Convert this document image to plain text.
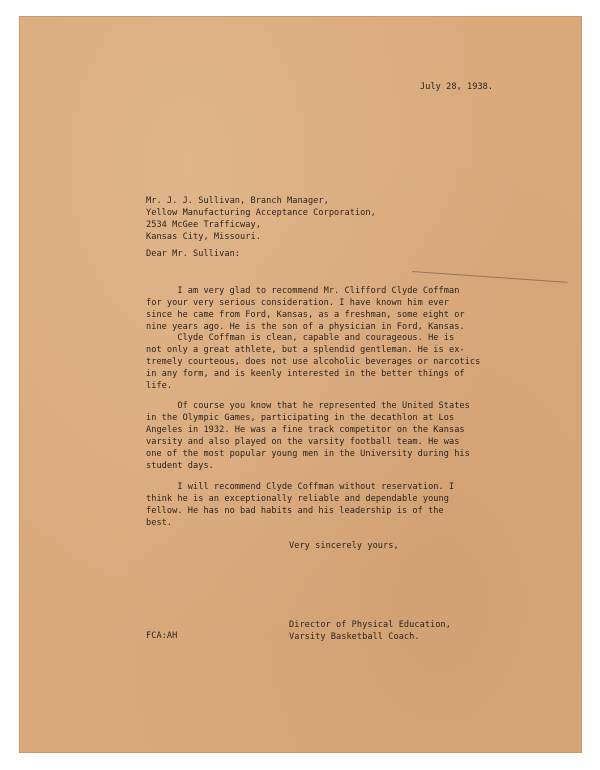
July 28, 1938.
Mr. J. J. Sullivan, Branch Manager,
Yellow Manufacturing Acceptance Corporation,
2534 McGee Trafficway,
Kansas City, Missouri.
Dear Mr. Sullivan:
I am very glad to recommend Mr. Clifford Clyde Coffman
for your very serious consideration. I have known him ever
since he came from Ford, Kansas, as a freshman, some eight or
nine years ago. He is the son of a physician in Ford, Kansas.
Clyde Coffman is clean, capable and courageous. He is
not only a great athlete, but a splendid gentleman. He is ex-
tremely courteous, does not use alcoholic beverages or narcotics
in any form, and is keenly interested in the better things of
life.
Of course you know that he represented the United States
in the Olympic Games, participating in the decathlon at Los
Angeles in 1932. He was a fine track competitor on the Kansas
varsity and also played on the varsity football team. He was
one of the most popular young men in the University during his
student days.
I will recommend Clyde Coffman without reservation. I
think he is an exceptionally reliable and dependable young
fellow. He has no bad habits and his leadership is of the
best.
Very sincerely yours,
Director of Physical Education,
Varsity Basketball Coach.
FCA:AH
